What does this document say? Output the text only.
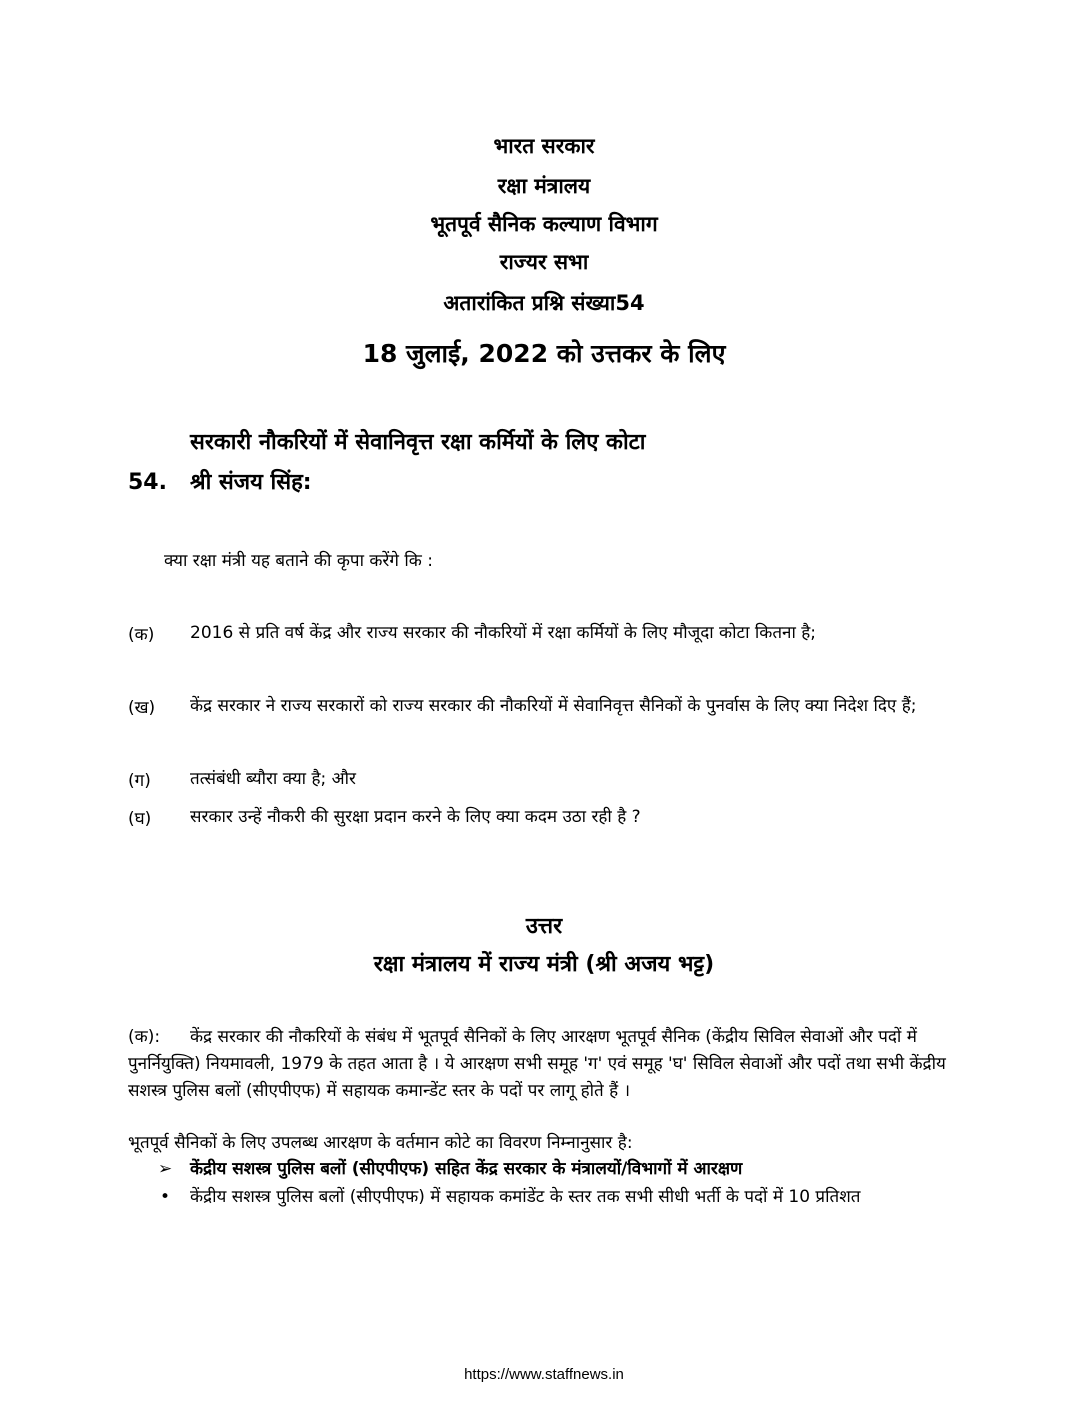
भारत सरकार
रक्षा मंत्रालय
भूतपूर्व सैनिक कल्याण विभाग
राज्यर सभा
अतारांकित प्रश्नि संख्या54
18 जुलाई, 2022 को उत्तकर के लिए
सरकारी नौकरियों में सेवानिवृत्त रक्षा कर्मियों के लिए कोटा
54. श्री संजय सिंह:
क्या रक्षा मंत्री यह बताने की कृपा करेंगे कि :
(क) 2016 से प्रति वर्ष केंद्र और राज्य सरकार की नौकरियों में रक्षा कर्मियों के लिए मौजूदा कोटा कितना है;
(ख) केंद्र सरकार ने राज्य सरकारों को राज्य सरकार की नौकरियों में सेवानिवृत्त सैनिकों के पुनर्वास के लिए क्या निदेश दिए हैं;
(ग) तत्संबंधी ब्यौरा क्या है; और
(घ) सरकार उन्हें नौकरी की सुरक्षा प्रदान करने के लिए क्या कदम उठा रही है ?
उत्तर
रक्षा मंत्रालय में राज्य मंत्री (श्री अजय भट्ट)
(क):	केंद्र सरकार की नौकरियों के संबंध में भूतपूर्व सैनिकों के लिए आरक्षण भूतपूर्व सैनिक (केंद्रीय सिविल सेवाओं और पदों में पुनर्नियुक्ति) नियमावली, 1979 के तहत आता है । ये आरक्षण सभी समूह 'ग' एवं समूह 'घ' सिविल सेवाओं और पदों तथा सभी केंद्रीय सशस्त्र पुलिस बलों (सीएपीएफ) में सहायक कमान्डेंट स्तर के पदों पर लागू होते हैं ।
भूतपूर्व सैनिकों के लिए उपलब्ध आरक्षण के वर्तमान कोटे का विवरण निम्नानुसार है:
➢ केंद्रीय सशस्त्र पुलिस बलों (सीएपीएफ) सहित केंद्र सरकार के मंत्रालयों/विभागों में आरक्षण
• केंद्रीय सशस्त्र पुलिस बलों (सीएपीएफ) में सहायक कमांडेंट के स्तर तक सभी सीधी भर्ती के पदों में 10 प्रतिशत
https://www.staffnews.in
